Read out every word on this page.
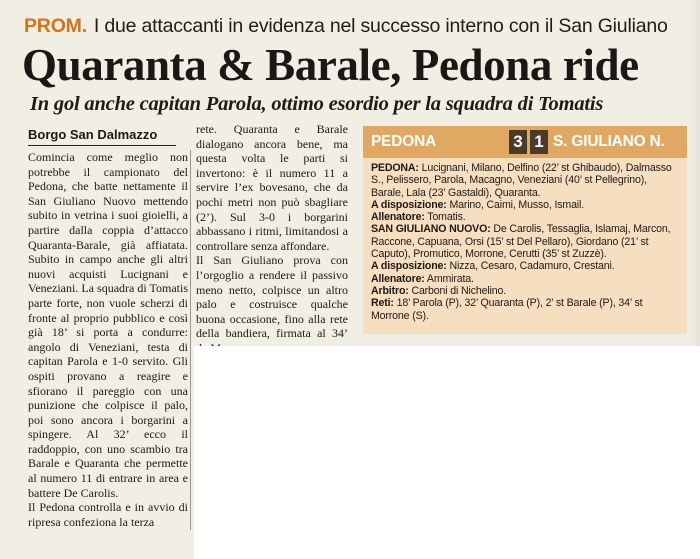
PROM. I due attaccanti in evidenza nel successo interno con il San Giuliano
Quaranta & Barale, Pedona ride
In gol anche capitan Parola, ottimo esordio per la squadra di Tomatis
Borgo San Dalmazzo

Comincia come meglio non potrebbe il campionato del Pedona, che batte nettamente il San Giuliano Nuovo mettendo subito in vetrina i suoi gioielli, a partire dalla coppia d’attacco Quaranta-Barale, già affiatata. Subito in campo anche gli altri nuovi acquisti Lucignani e Veneziani. La squadra di Tomatis parte forte, non vuole scherzi di fronte al proprio pubblico e così già 18’ si porta a condurre: angolo di Veneziani, testa di capitan Parola e 1-0 servito. Gli ospiti provano a reagire e sfiorano il pareggio con una punizione che colpisce il palo, poi sono ancora i borgarini a spingere. Al 32’ ecco il raddoppio, con uno scambio tra Barale e Quaranta che permette al numero 11 di entrare in area e battere De Carolis.

Il Pedona controlla e in avvio di ripresa confeziona la terza

rete. Quaranta e Barale dialogano ancora bene, ma questa volta le parti si invertono: è il numero 11 a servire l’ex bovesano, che da pochi metri non può sbagliare (2’). Sul 3-0 i borgarini abbassano i ritmi, limitandosi a controllare senza affondare.

Il San Giuliano prova con l’orgoglio a rendere il passivo meno netto, colpisce un altro palo e costruisce qualche buona occasione, fino alla rete della bandiera, firmata al 34’

PEDONA	3 1 S. GIULIANO N.
PEDONA: Lucignani, Milano, Delfino (22’ st Ghibaudo), Dalmasso S., Pelissero, Parola, Macagno, Veneziani (40’ st Pellegrino), Barale, Lala (23’ Gastaldi), Quaranta.
A disposizione: Marino, Caimi, Musso, Ismail.
Allenatore: Tomatis.
SAN GIULIANO NUOVO: De Carolis, Tessaglia, Islamaj, Marcon, Raccone, Capuana, Orsi (15’ st Del Pellaro), Giordano (21’ st Caputo), Promutico, Morrone, Cerutti (35’ st Zuzzè).
A disposizione: Nizza, Cesaro, Cadamuro, Crestani.
Allenatore: Ammirata.
Arbitro: Carboni di Nichelino.
Reti: 18’ Parola (P), 32’ Quaranta (P), 2’ st Barale (P), 34’ st Morrone (S).
